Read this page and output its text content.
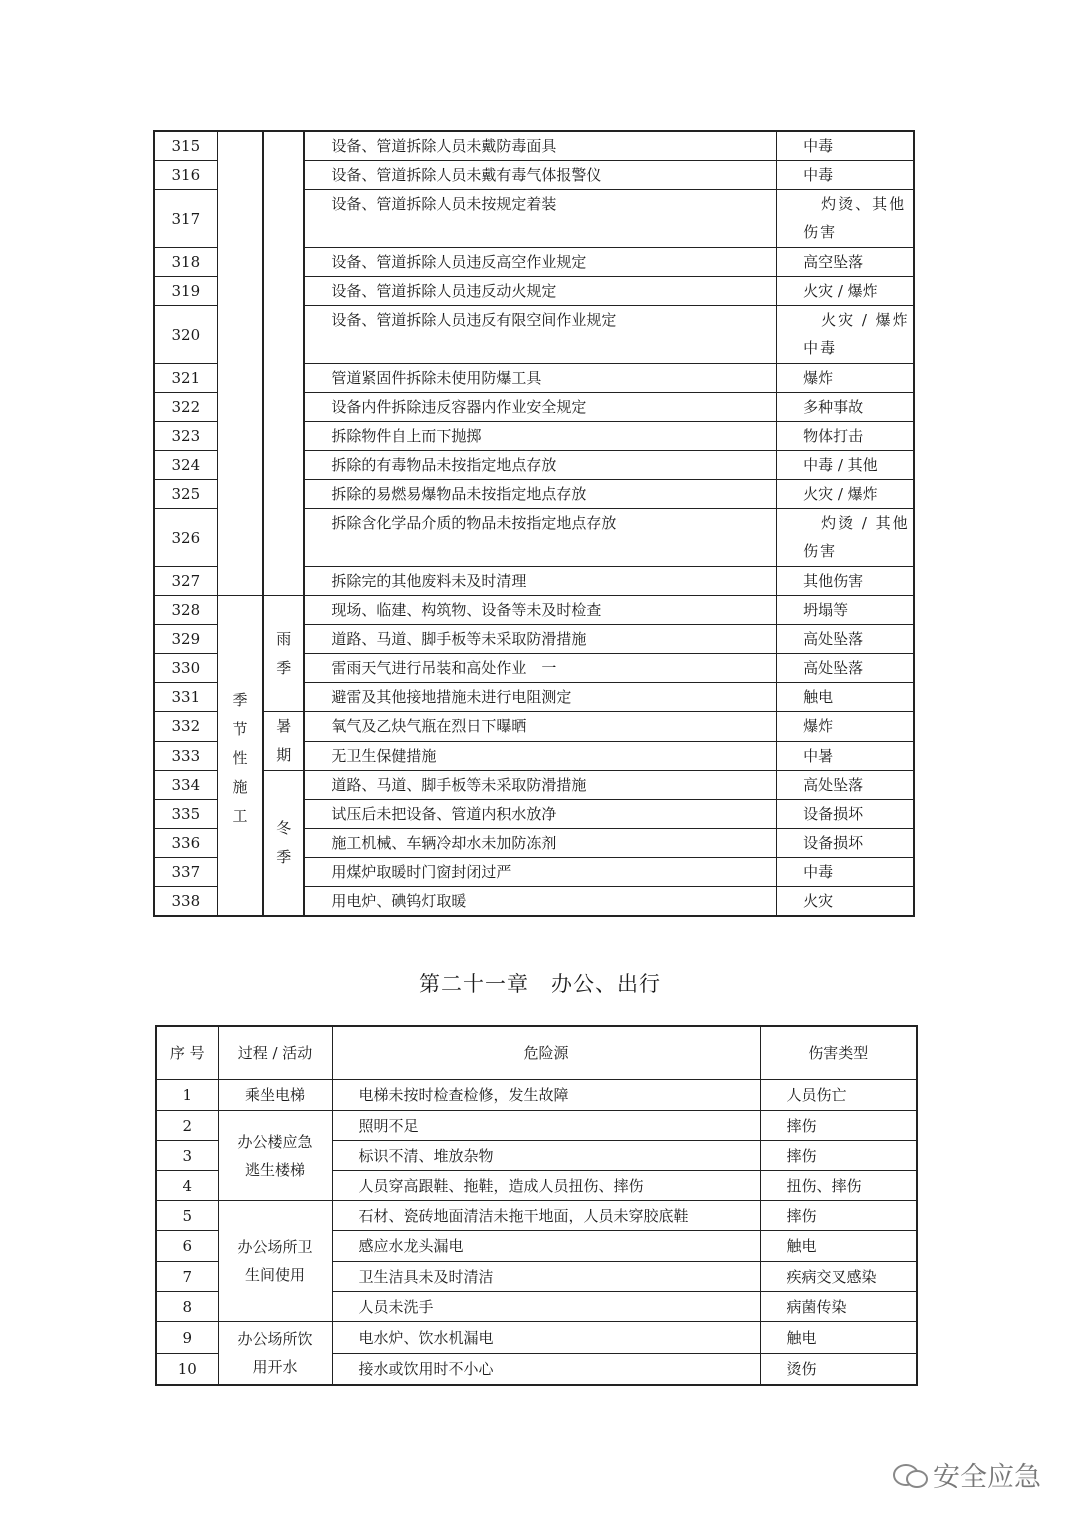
315			设备、管道拆除人员未戴防毒面具	中毒
316			设备、管道拆除人员未戴有毒气体报警仪	中毒
317			设备、管道拆除人员未按规定着装	灼烫、其他伤害
318			设备、管道拆除人员违反高空作业规定	高空坠落
319			设备、管道拆除人员违反动火规定	火灾 / 爆炸
320			设备、管道拆除人员违反有限空间作业规定	火灾 / 爆炸中毒
321			管道紧固件拆除未使用防爆工具	爆炸
322			设备内件拆除违反容器内作业安全规定	多种事故
323			拆除物件自上而下抛掷	物体打击
324			拆除的有毒物品未按指定地点存放	中毒 / 其他
325			拆除的易燃易爆物品未按指定地点存放	火灾 / 爆炸
326			拆除含化学品介质的物品未按指定地点存放	灼烫 / 其他伤害
327			拆除完的其他废料未及时清理	其他伤害
328	季节性施工	雨季	现场、临建、构筑物、设备等未及时检查	坍塌等
329			道路、马道、脚手板等未采取防滑措施	高处坠落
330			雷雨天气进行吊装和高处作业　一	高处坠落
331			避雷及其他接地措施未进行电阻测定	触电
332		暑期	氧气及乙炔气瓶在烈日下曝晒	爆炸
333			无卫生保健措施	中暑
334		冬季	道路、马道、脚手板等未采取防滑措施	高处坠落
335			试压后未把设备、管道内积水放净	设备损坏
336			施工机械、车辆冷却水未加防冻剂	设备损坏
337			用煤炉取暖时门窗封闭过严	中毒
338			用电炉、碘钨灯取暖	火灾
第二十一章　办公、出行
序 号	过程 / 活动	危险源	伤害类型
1	乘坐电梯	电梯未按时检查检修，发生故障	人员伤亡
2	办公楼应急逃生楼梯	照明不足	摔伤
3		标识不清、堆放杂物	摔伤
4		人员穿高跟鞋、拖鞋，造成人员扭伤、摔伤	扭伤、摔伤
5	办公场所卫生间使用	石材、瓷砖地面清洁未拖干地面，人员未穿胶底鞋	摔伤
6		感应水龙头漏电	触电
7		卫生洁具未及时清洁	疾病交叉感染
8		人员未洗手	病菌传染
9	办公场所饮用开水	电水炉、饮水机漏电	触电
10		接水或饮用时不小心	烫伤
安全应急
